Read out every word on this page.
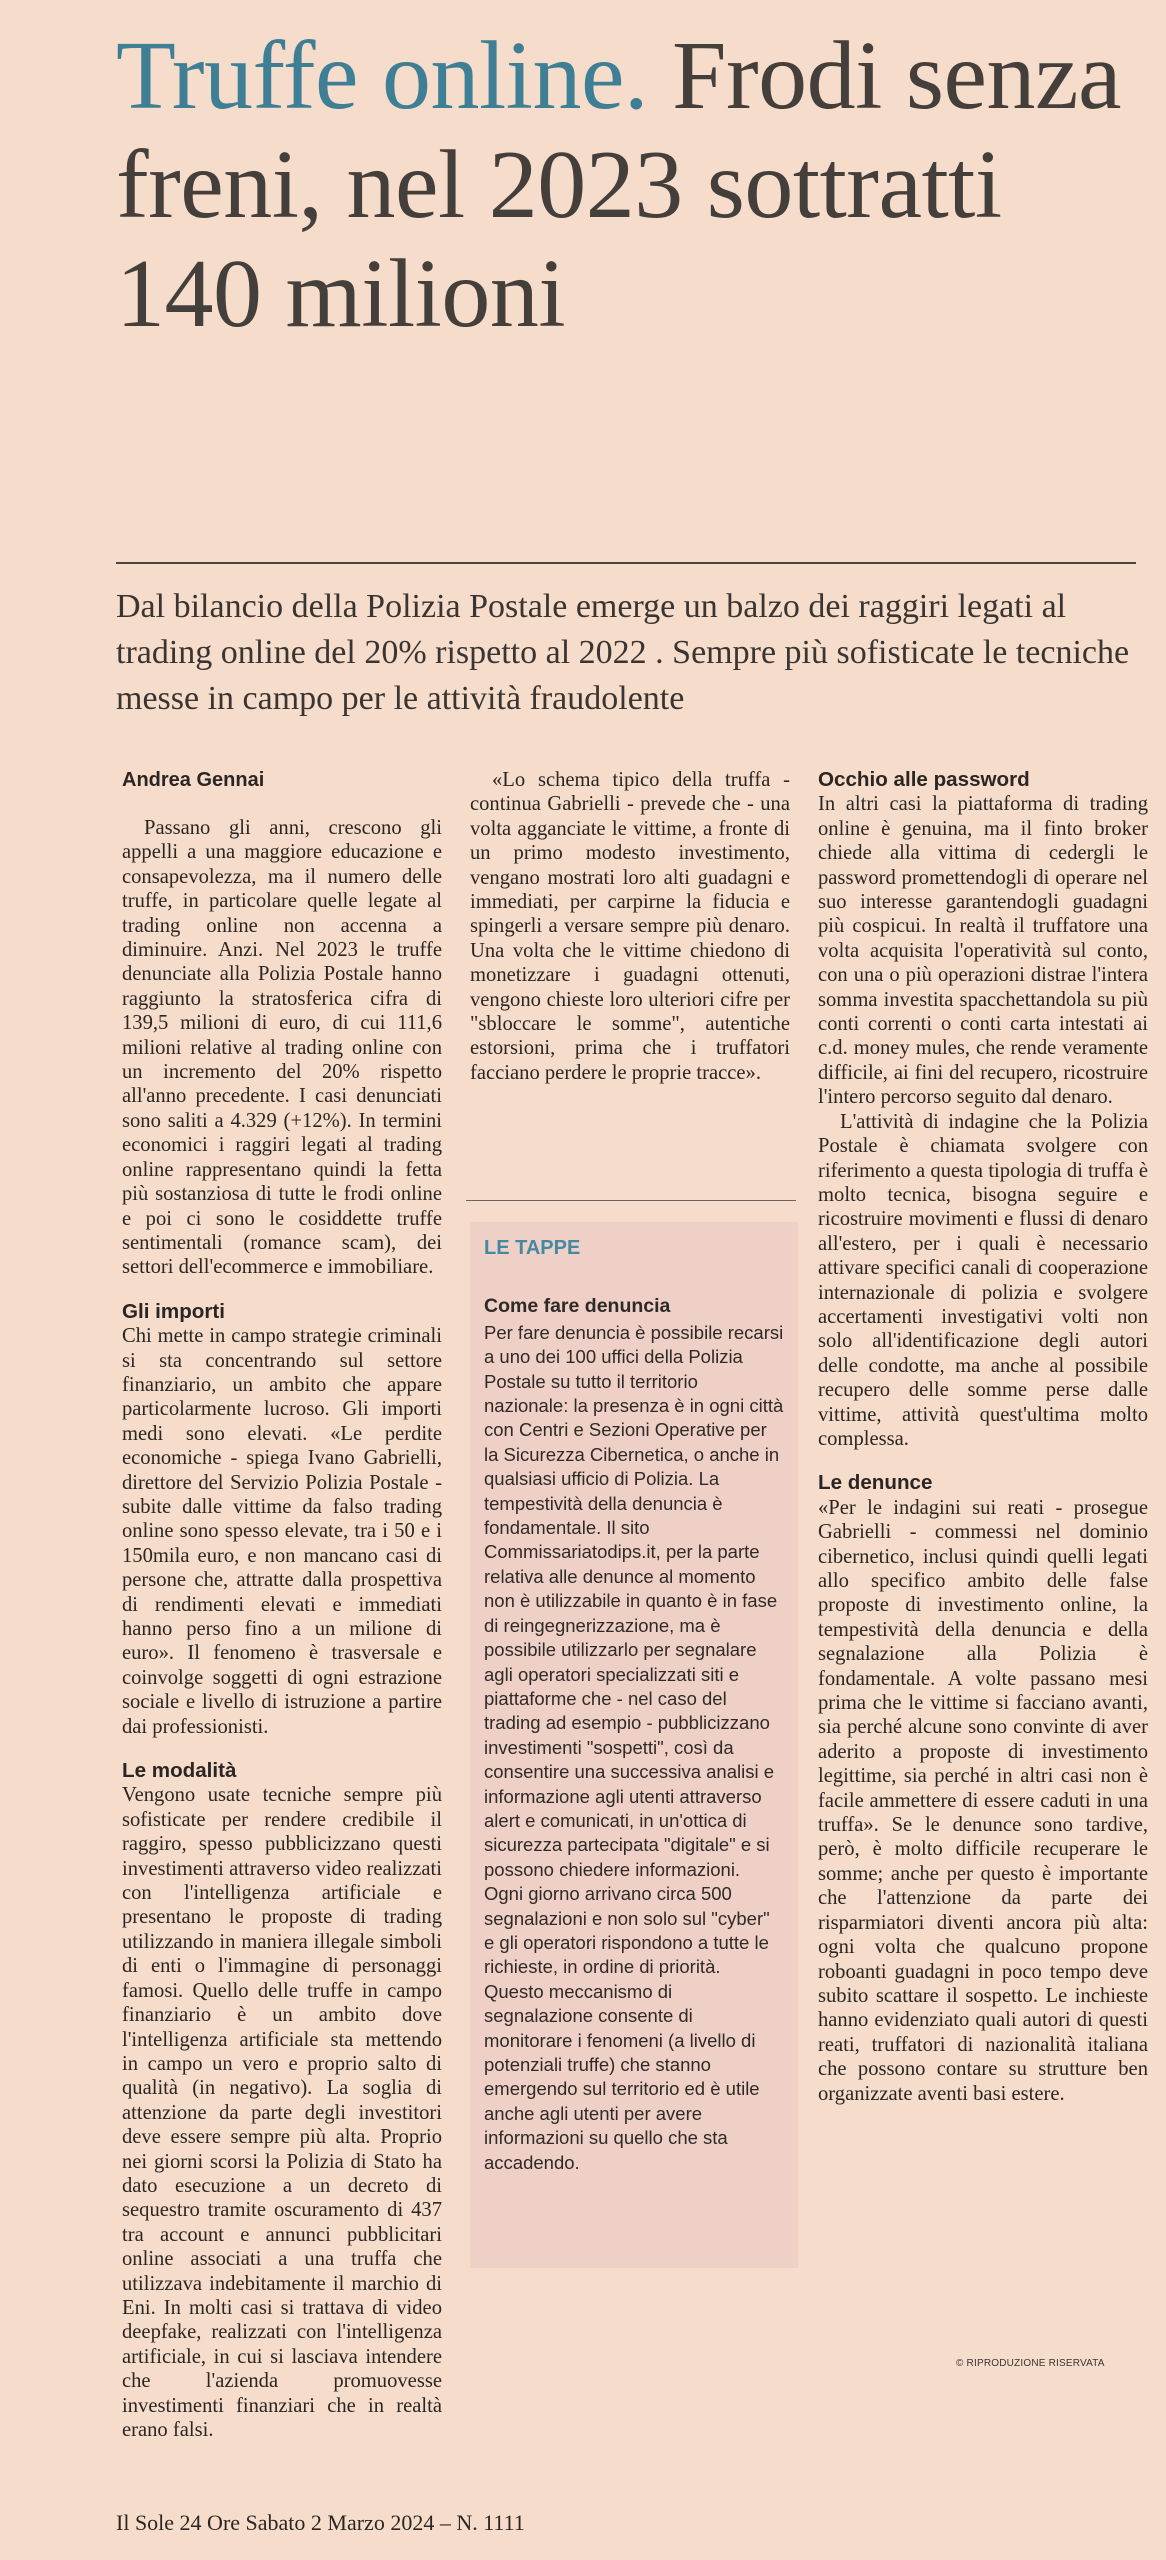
Truffe online. Frodi senza freni, nel 2023 sottratti 140 milioni

Dal bilancio della Polizia Postale emerge un balzo dei raggiri legati al trading online del 20% rispetto al 2022 . Sempre più sofisticate le tecniche messe in campo per le attività fraudolente

Andrea Gennai

Passano gli anni, crescono gli appelli a una maggiore educazione e consapevolezza, ma il numero delle truffe, in particolare quelle legate al trading online non accenna a diminuire. Anzi. Nel 2023 le truffe denunciate alla Polizia Postale hanno raggiunto la stratosferica cifra di 139,5 milioni di euro, di cui 111,6 milioni relative al trading online con un incremento del 20% rispetto all'anno precedente. I casi denunciati sono saliti a 4.329 (+12%). In termini economici i raggiri legati al trading online rappresentano quindi la fetta più sostanziosa di tutte le frodi online e poi ci sono le cosiddette truffe sentimentali (romance scam), dei settori dell'ecommerce e immobiliare.

Gli importi

Chi mette in campo strategie criminali si sta concentrando sul settore finanziario, un ambito che appare particolarmente lucroso. Gli importi medi sono elevati. «Le perdite economiche - spiega Ivano Gabrielli, direttore del Servizio Polizia Postale - subite dalle vittime da falso trading online sono spesso elevate, tra i 50 e i 150mila euro, e non mancano casi di persone che, attratte dalla prospettiva di rendimenti elevati e immediati hanno perso fino a un milione di euro». Il fenomeno è trasversale e coinvolge soggetti di ogni estrazione sociale e livello di istruzione a partire dai professionisti.

Le modalità

Vengono usate tecniche sempre più sofisticate per rendere credibile il raggiro, spesso pubblicizzano questi investimenti attraverso video realizzati con l'intelligenza artificiale e presentano le proposte di trading utilizzando in maniera illegale simboli di enti o l'immagine di personaggi famosi. Quello delle truffe in campo finanziario è un ambito dove l'intelligenza artificiale sta mettendo in campo un vero e proprio salto di qualità (in negativo). La soglia di attenzione da parte degli investitori deve essere sempre più alta. Proprio nei giorni scorsi la Polizia di Stato ha dato esecuzione a un decreto di sequestro tramite oscuramento di 437 tra account e annunci pubblicitari online associati a una truffa che utilizzava indebitamente il marchio di Eni. In molti casi si trattava di video deepfake, realizzati con l'intelligenza artificiale, in cui si lasciava intendere che l'azienda promuovesse investimenti finanziari che in realtà erano falsi.

«Lo schema tipico della truffa - continua Gabrielli - prevede che - una volta agganciate le vittime, a fronte di un primo modesto investimento, vengano mostrati loro alti guadagni e immediati, per carpirne la fiducia e spingerli a versare sempre più denaro. Una volta che le vittime chiedono di monetizzare i guadagni ottenuti, vengono chieste loro ulteriori cifre per "sbloccare le somme", autentiche estorsioni, prima che i truffatori facciano perdere le proprie tracce».

LE TAPPE
Come fare denuncia

Per fare denuncia è possibile recarsi a uno dei 100 uffici della Polizia Postale su tutto il territorio nazionale: la presenza è in ogni città con Centri e Sezioni Operative per la Sicurezza Cibernetica, o anche in qualsiasi ufficio di Polizia. La tempestività della denuncia è fondamentale. Il sito Commissariatodips.it, per la parte relativa alle denunce al momento non è utilizzabile in quanto è in fase di reingegnerizzazione, ma è possibile utilizzarlo per segnalare agli operatori specializzati siti e piattaforme che - nel caso del trading ad esempio - pubblicizzano investimenti "sospetti", così da consentire una successiva analisi e informazione agli utenti attraverso alert e comunicati, in un'ottica di sicurezza partecipata "digitale" e si possono chiedere informazioni. Ogni giorno arrivano circa 500 segnalazioni e non solo sul "cyber" e gli operatori rispondono a tutte le richieste, in ordine di priorità. Questo meccanismo di segnalazione consente di monitorare i fenomeni (a livello di potenziali truffe) che stanno emergendo sul territorio ed è utile anche agli utenti per avere informazioni su quello che sta accadendo.

Occhio alle password

In altri casi la piattaforma di trading online è genuina, ma il finto broker chiede alla vittima di cedergli le password promettendogli di operare nel suo interesse garantendogli guadagni più cospicui. In realtà il truffatore una volta acquisita l'operatività sul conto, con una o più operazioni distrae l'intera somma investita spacchettandola su più conti correnti o conti carta intestati ai c.d. money mules, che rende veramente difficile, ai fini del recupero, ricostruire l'intero percorso seguito dal denaro.

L'attività di indagine che la Polizia Postale è chiamata svolgere con riferimento a questa tipologia di truffa è molto tecnica, bisogna seguire e ricostruire movimenti e flussi di denaro all'estero, per i quali è necessario attivare specifici canali di cooperazione internazionale di polizia e svolgere accertamenti investigativi volti non solo all'identificazione degli autori delle condotte, ma anche al possibile recupero delle somme perse dalle vittime, attività quest'ultima molto complessa.

Le denunce

«Per le indagini sui reati - prosegue Gabrielli - commessi nel dominio cibernetico, inclusi quindi quelli legati allo specifico ambito delle false proposte di investimento online, la tempestività della denuncia e della segnalazione alla Polizia è fondamentale. A volte passano mesi prima che le vittime si facciano avanti, sia perché alcune sono convinte di aver aderito a proposte di investimento legittime, sia perché in altri casi non è facile ammettere di essere caduti in una truffa». Se le denunce sono tardive, però, è molto difficile recuperare le somme; anche per questo è importante che l'attenzione da parte dei risparmiatori diventi ancora più alta: ogni volta che qualcuno propone roboanti guadagni in poco tempo deve subito scattare il sospetto. Le inchieste hanno evidenziato quali autori di questi reati, truffatori di nazionalità italiana che possono contare su strutture ben organizzate aventi basi estere.

© RIPRODUZIONE RISERVATA
Il Sole 24 Ore Sabato 2 Marzo 2024 – N. 1111
